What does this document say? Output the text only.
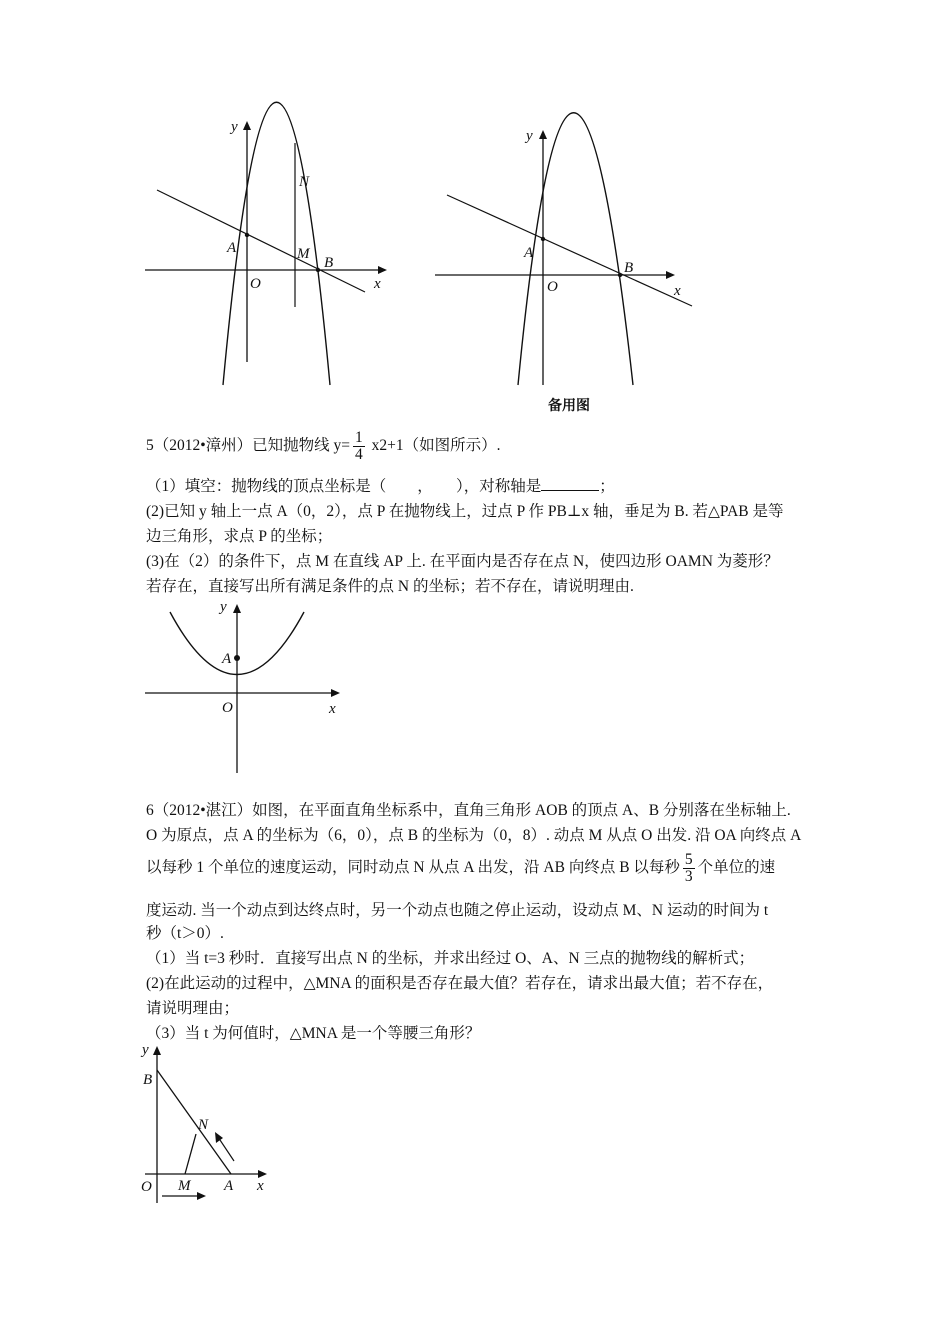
y
x
O
A
B
M
N
y
x
O
A
B
备用图
5（2012•漳州）已知抛物线 $y= \frac{1}{4} x2+1$（如图所示）.
（1）填空：抛物线的顶点坐标是（　　，　　），对称轴是	；

(2)已知 y 轴上一点 A（0，2），点 P 在抛物线上，过点 P 作 PB⊥x 轴，垂足为 B. 若△PAB 是等

边三角形，求点 P 的坐标；

(3)在（2）的条件下，点 M 在直线 AP 上. 在平面内是否存在点 N，使四边形 OAMN 为菱形？

若存在，直接写出所有满足条件的点 N 的坐标；若不存在，请说明理由.

y
x
O
A

6（2012•湛江）如图，在平面直角坐标系中，直角三角形 AOB 的顶点 A、B 分别落在坐标轴上.

O 为原点，点 A 的坐标为（6，0），点 B 的坐标为（0，8）. 动点 M 从点 O 出发. 沿 OA 向终点 A

以每秒 1 个单位的速度运动，同时动点 N 从点 A 出发，沿 AB 向终点 B 以每秒 $\frac{5}{3}$ 个单位的速

度运动. 当一个动点到达终点时，另一个动点也随之停止运动，设动点 M、N 运动的时间为 t

秒（t＞0）.

（1）当 t=3 秒时．直接写出点 N 的坐标，并求出经过 O、A、N 三点的抛物线的解析式；

(2)在此运动的过程中，△MNA 的面积是否存在最大值？若存在，请求出最大值；若不存在，

请说明理由；

（3）当 t 为何值时，△MNA 是一个等腰三角形？

y
x
O
B
N
M A
